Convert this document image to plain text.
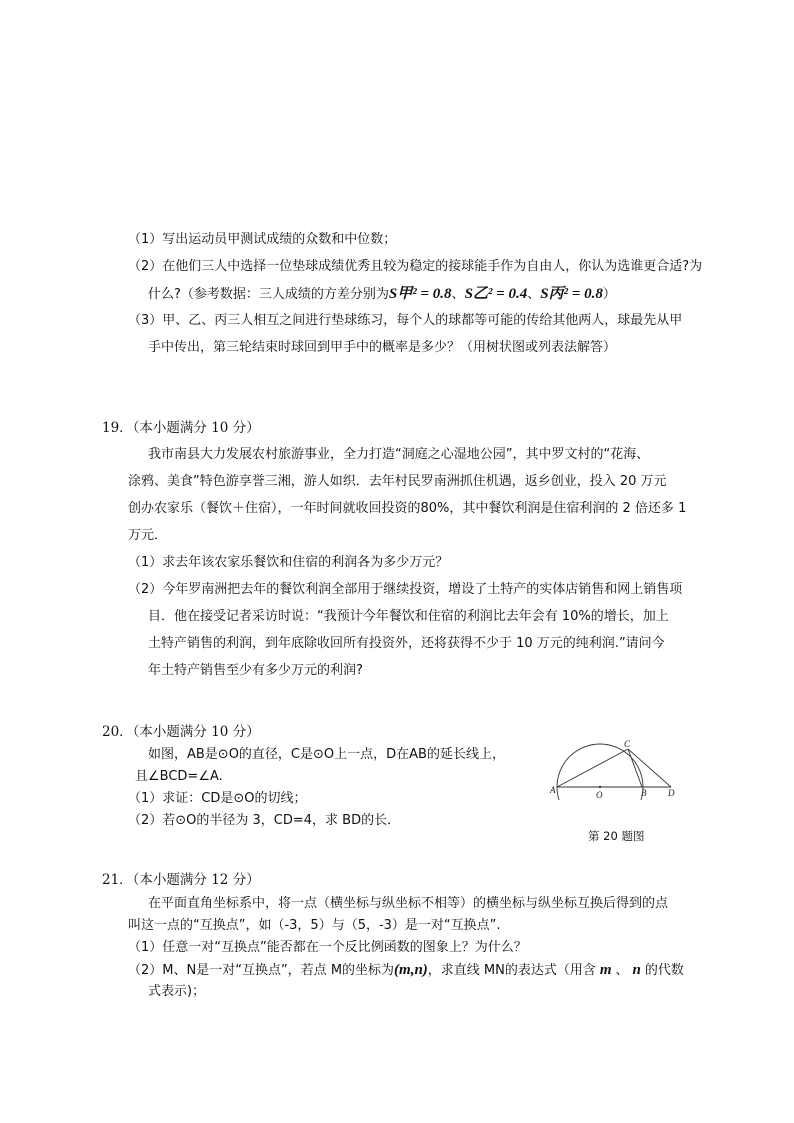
（1）写出运动员甲测试成绩的众数和中位数；
（2）在他们三人中选择一位垫球成绩优秀且较为稳定的接球能手作为自由人，你认为选谁更合适?为
什么?（参考数据：三人成绩的方差分别为S甲² = 0.8、S乙² = 0.4、S丙² = 0.8）
（3）甲、乙、丙三人相互之间进行垫球练习，每个人的球都等可能的传给其他两人，球最先从甲
手中传出，第三轮结束时球回到甲手中的概率是多少？（用树状图或列表法解答）
19．（本小题满分 10 分）
我市南县大力发展农村旅游事业，全力打造“洞庭之心湿地公园”，其中罗文村的“花海、
涂鸦、美食”特色游享誉三湘，游人如织．去年村民罗南洲抓住机遇，返乡创业，投入 20 万元
创办农家乐（餐饮＋住宿），一年时间就收回投资的80%，其中餐饮利润是住宿利润的 2 倍还多 1
万元．
（1）求去年该农家乐餐饮和住宿的利润各为多少万元？
（2）今年罗南洲把去年的餐饮利润全部用于继续投资，增设了土特产的实体店销售和网上销售项
目．他在接受记者采访时说：“我预计今年餐饮和住宿的利润比去年会有 10%的增长，加上
土特产销售的利润，到年底除收回所有投资外，还将获得不少于 10 万元的纯利润.”请问今
年土特产销售至少有多少万元的利润?
20．（本小题满分 10 分）
如图，AB是⊙O的直径，C是⊙O上一点，D在AB的延长线上，
且∠BCD=∠A.
（1）求证：CD是⊙O的切线；
（2）若⊙O的半径为 3，CD=4，求 BD的长．
C
A	O	B D
第 20 题图
21．（本小题满分 12 分）
在平面直角坐标系中，将一点（横坐标与纵坐标不相等）的横坐标与纵坐标互换后得到的点
叫这一点的“互换点”，如（-3，5）与（5，-3）是一对“互换点”.
（1）任意一对“互换点”能否都在一个反比例函数的图象上？为什么？
（2）M、N是一对“互换点”，若点 M的坐标为(m,n)，求直线 MN的表达式（用含 m 、 n 的代数
式表示)；
